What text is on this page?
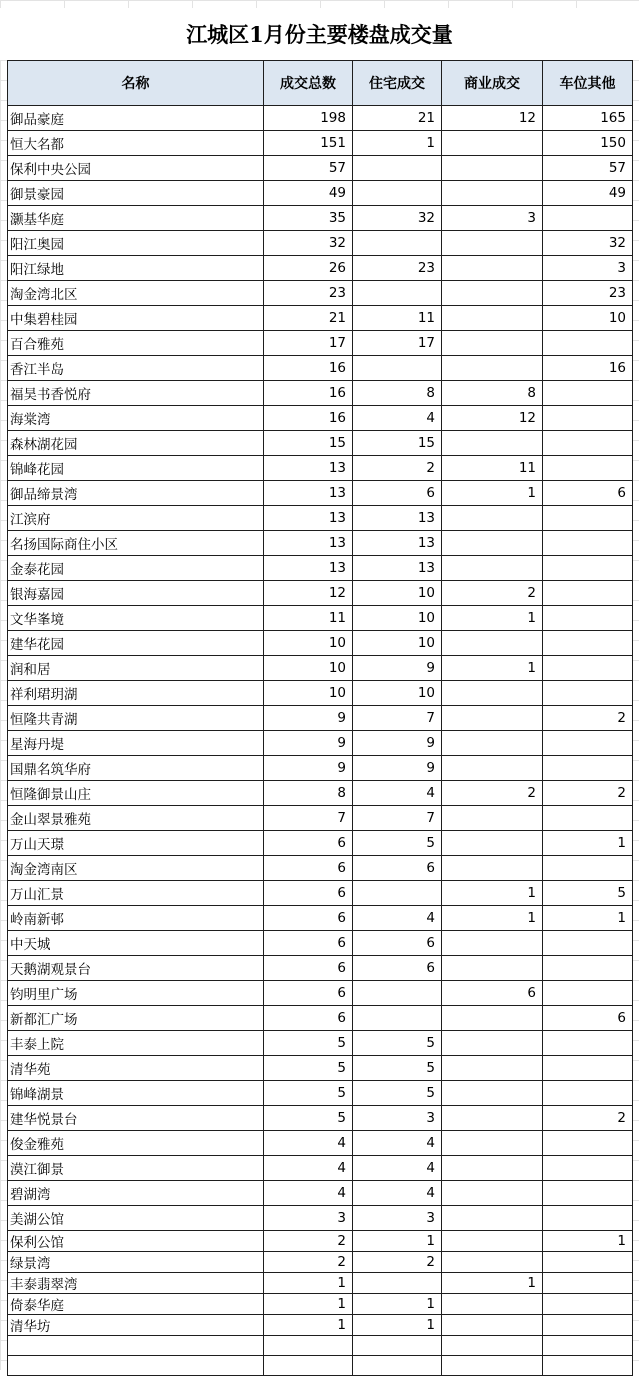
江城区1月份主要楼盘成交量
名称	成交总数	住宅成交	商业成交	车位其他
御品豪庭	198	21	12	165
恒大名都	151	1		150
保利中央公园	57			57
御景豪园	49			49
灏基华庭	35	32	3	
阳江奥园	32			32
阳江绿地	26	23		3
淘金湾北区	23			23
中集碧桂园	21	11		10
百合雅苑	17	17		
香江半岛	16			16
福昊书香悦府	16	8	8	
海棠湾	16	4	12	
森林湖花园	15	15		
锦峰花园	13	2	11	
御品缔景湾	13	6	1	6
江滨府	13	13		
名扬国际商住小区	13	13		
金泰花园	13	13		
银海嘉园	12	10	2	
文华峯境	11	10	1	
建华花园	10	10		
润和居	10	9	1	
祥利珺玥湖	10	10		
恒隆共青湖	9	7		2
星海丹堤	9	9		
国鼎名筑华府	9	9		
恒隆御景山庄	8	4	2	2
金山翠景雅苑	7	7		
万山天璟	6	5		1
淘金湾南区	6	6		
万山汇景	6		1	5
岭南新邨	6	4	1	1
中天城	6	6		
天鹅湖观景台	6	6		
钧明里广场	6		6	
新都汇广场	6			6
丰泰上院	5	5		
清华苑	5	5		
锦峰湖景	5	5		
建华悦景台	5	3		2
俊金雅苑	4	4		
漠江御景	4	4		
碧湖湾	4	4		
美湖公馆	3	3		
保利公馆	2	1		1
绿景湾	2	2		
丰泰翡翠湾	1		1	
倚泰华庭	1	1		
清华坊	1	1		
